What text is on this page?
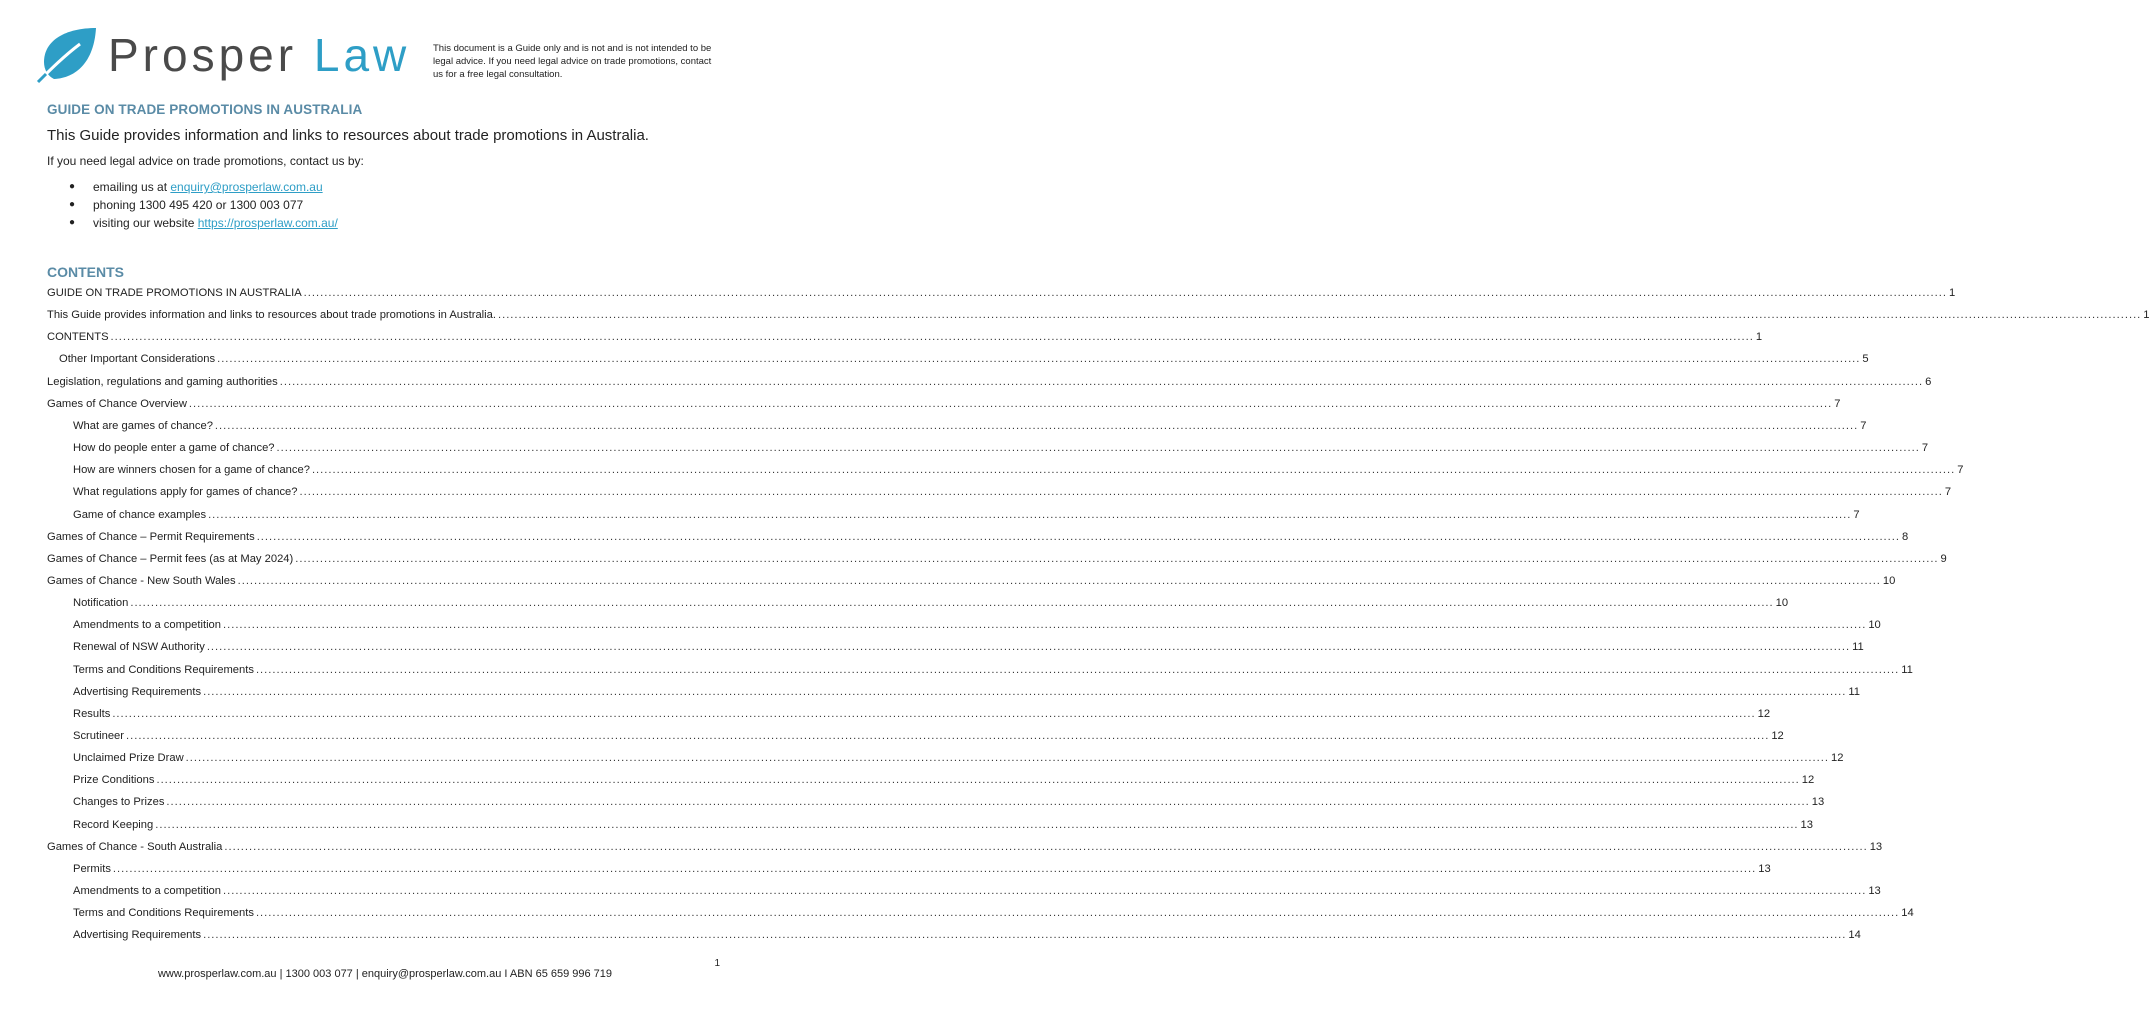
Prosper Law This document is a Guide only and is not and is not intended to be legal advice. If you need legal advice on trade promotions, contact us for a free legal consultation.
GUIDE ON TRADE PROMOTIONS IN AUSTRALIA
This Guide provides information and links to resources about trade promotions in Australia.
If you need legal advice on trade promotions, contact us by:
● emailing us at enquiry@prosperlaw.com.au
● phoning 1300 495 420 or 1300 003 077
● visiting our website https://prosperlaw.com.au/
CONTENTS
GUIDE ON TRADE PROMOTIONS IN AUSTRALIA ................................................................................................................................................................................................................................................................................................................................................................................................................ 1
This Guide provides information and links to resources about trade promotions in Australia. ................................................................................................................................................................................................................................................................................................................................................................................................................ 1
CONTENTS ................................................................................................................................................................................................................................................................................................................................................................................................................ 1
Other Important Considerations ................................................................................................................................................................................................................................................................................................................................................................................................................ 5
Legislation, regulations and gaming authorities ................................................................................................................................................................................................................................................................................................................................................................................................................ 6
Games of Chance Overview ................................................................................................................................................................................................................................................................................................................................................................................................................ 7
What are games of chance? ................................................................................................................................................................................................................................................................................................................................................................................................................ 7
How do people enter a game of chance? ................................................................................................................................................................................................................................................................................................................................................................................................................ 7
How are winners chosen for a game of chance? ................................................................................................................................................................................................................................................................................................................................................................................................................ 7
What regulations apply for games of chance? ................................................................................................................................................................................................................................................................................................................................................................................................................ 7
Game of chance examples ................................................................................................................................................................................................................................................................................................................................................................................................................ 7
Games of Chance – Permit Requirements ................................................................................................................................................................................................................................................................................................................................................................................................................ 8
Games of Chance – Permit fees (as at May 2024) ................................................................................................................................................................................................................................................................................................................................................................................................................ 9
Games of Chance - New South Wales ................................................................................................................................................................................................................................................................................................................................................................................................................ 10
Notification ................................................................................................................................................................................................................................................................................................................................................................................................................ 10
Amendments to a competition ................................................................................................................................................................................................................................................................................................................................................................................................................ 10
Renewal of NSW Authority ................................................................................................................................................................................................................................................................................................................................................................................................................ 11
Terms and Conditions Requirements ................................................................................................................................................................................................................................................................................................................................................................................................................ 11
Advertising Requirements ................................................................................................................................................................................................................................................................................................................................................................................................................ 11
Results ................................................................................................................................................................................................................................................................................................................................................................................................................ 12
Scrutineer ................................................................................................................................................................................................................................................................................................................................................................................................................ 12
Unclaimed Prize Draw ................................................................................................................................................................................................................................................................................................................................................................................................................ 12
Prize Conditions ................................................................................................................................................................................................................................................................................................................................................................................................................ 12
Changes to Prizes ................................................................................................................................................................................................................................................................................................................................................................................................................ 13
Record Keeping ................................................................................................................................................................................................................................................................................................................................................................................................................ 13
Games of Chance - South Australia ................................................................................................................................................................................................................................................................................................................................................................................................................ 13
Permits ................................................................................................................................................................................................................................................................................................................................................................................................................ 13
Amendments to a competition ................................................................................................................................................................................................................................................................................................................................................................................................................ 13
Terms and Conditions Requirements ................................................................................................................................................................................................................................................................................................................................................................................................................ 14
Advertising Requirements ................................................................................................................................................................................................................................................................................................................................................................................................................ 14
1
www.prosperlaw.com.au | 1300 003 077 | enquiry@prosperlaw.com.au I ABN 65 659 996 719
